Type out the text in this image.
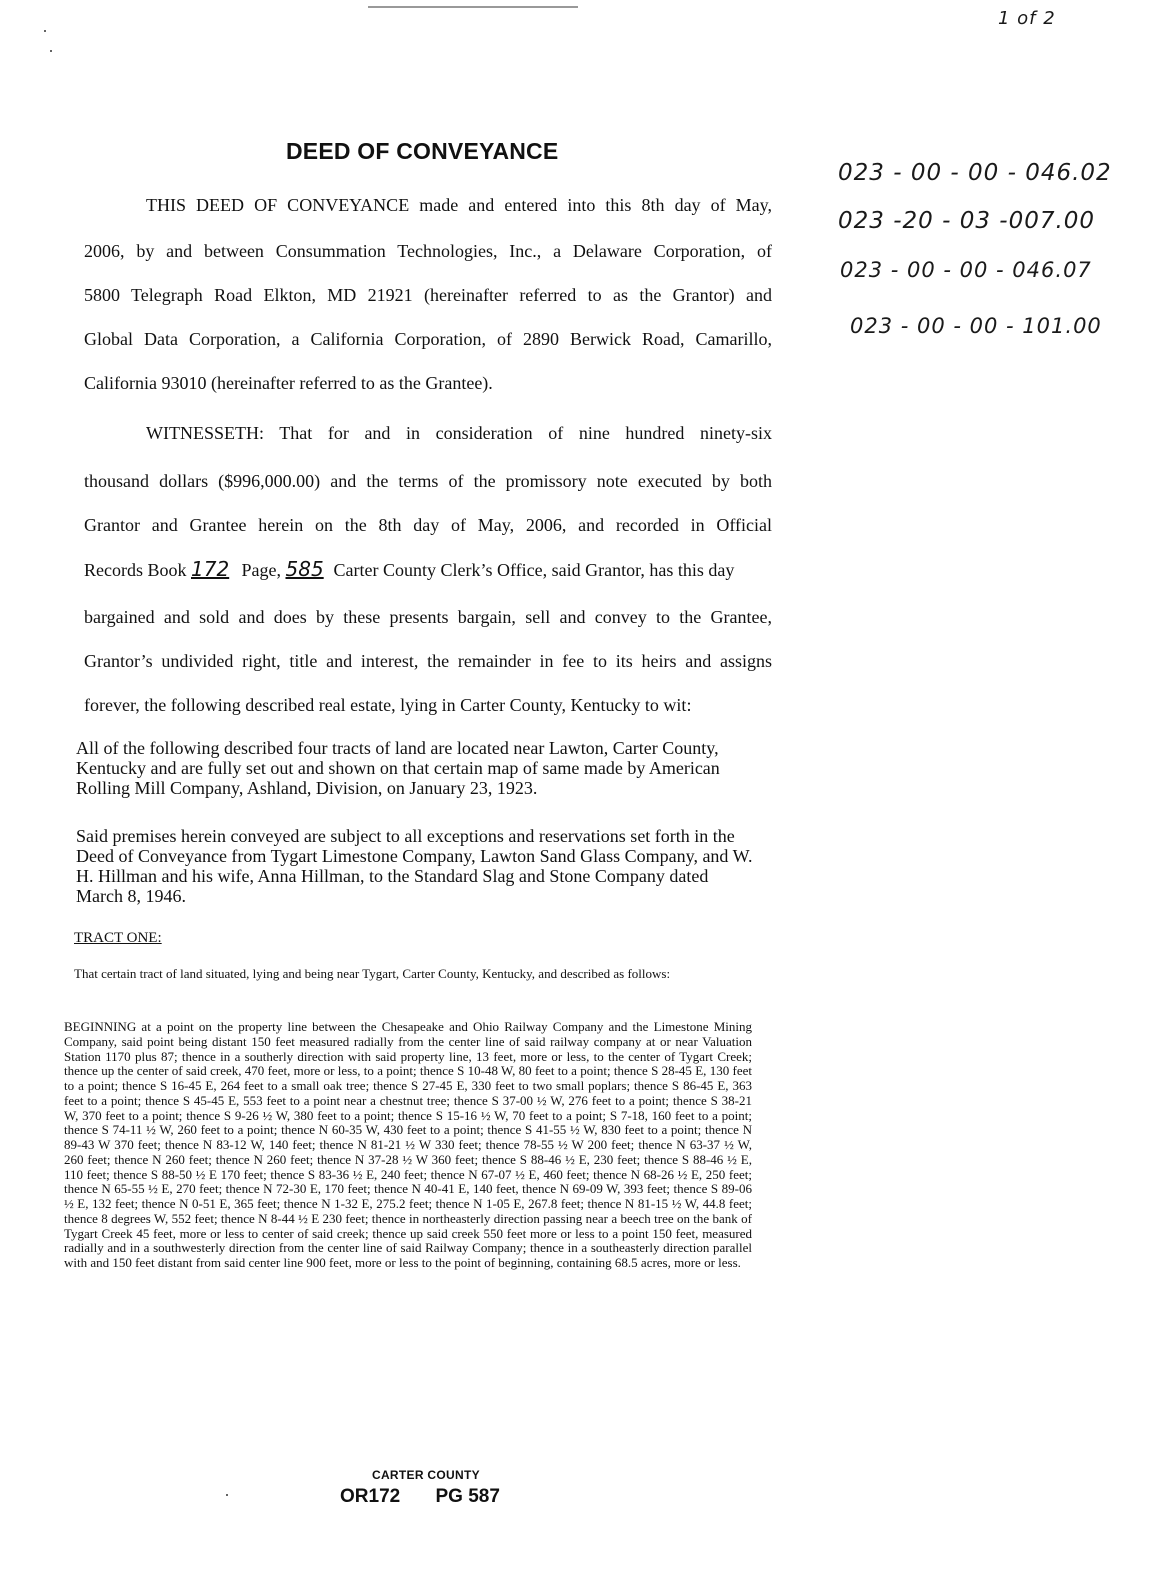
1 of 2
023 - 00 - 00 - 046.02
023 -20 - 03 -007.00
023 - 00 - 00 - 046.07
023 - 00 - 00 - 101.00
DEED OF CONVEYANCE
THIS DEED OF CONVEYANCE made and entered into this 8th day of May,
2006, by and between Consummation Technologies, Inc., a Delaware Corporation, of
5800 Telegraph Road Elkton, MD 21921 (hereinafter referred to as the Grantor) and
Global Data Corporation, a California Corporation, of 2890 Berwick Road, Camarillo,
California 93010 (hereinafter referred to as the Grantee).
WITNESSETH: That for and in consideration of nine hundred ninety-six
thousand dollars ($996,000.00) and the terms of the promissory note executed by both
Grantor and Grantee herein on the 8th day of May, 2006, and recorded in Official
Records Book 172 Page, 585 Carter County Clerk’s Office, said Grantor, has this day
bargained and sold and does by these presents bargain, sell and convey to the Grantee,
Grantor’s undivided right, title and interest, the remainder in fee to its heirs and assigns
forever, the following described real estate, lying in Carter County, Kentucky to wit:
All of the following described four tracts of land are located near Lawton, Carter County, Kentucky and are fully set out and shown on that certain map of same made by American Rolling Mill Company, Ashland, Division, on January 23, 1923.
Said premises herein conveyed are subject to all exceptions and reservations set forth in the Deed of Conveyance from Tygart Limestone Company, Lawton Sand Glass Company, and W. H. Hillman and his wife, Anna Hillman, to the Standard Slag and Stone Company dated March 8, 1946.
TRACT ONE:
That certain tract of land situated, lying and being near Tygart, Carter County, Kentucky, and described as follows:
BEGINNING at a point on the property line between the Chesapeake and Ohio Railway Company and the Limestone Mining Company, said point being distant 150 feet measured radially from the center line of said railway company at or near Valuation Station 1170 plus 87; thence in a southerly direction with said property line, 13 feet, more or less, to the center of Tygart Creek; thence up the center of said creek, 470 feet, more or less, to a point; thence S 10-48 W, 80 feet to a point; thence S 28-45 E, 130 feet to a point; thence S 16-45 E, 264 feet to a small oak tree; thence S 27-45 E, 330 feet to two small poplars; thence S 86-45 E, 363 feet to a point; thence S 45-45 E, 553 feet to a point near a chestnut tree; thence S 37-00 ½ W, 276 feet to a point; thence S 38-21 W, 370 feet to a point; thence S 9-26 ½ W, 380 feet to a point; thence S 15-16 ½ W, 70 feet to a point; S 7-18, 160 feet to a point; thence S 74-11 ½ W, 260 feet to a point; thence N 60-35 W, 430 feet to a point; thence S 41-55 ½ W, 830 feet to a point; thence N 89-43 W 370 feet; thence N 83-12 W, 140 feet; thence N 81-21 ½ W 330 feet; thence 78-55 ½ W 200 feet; thence N 63-37 ½ W, 260 feet; thence N 260 feet; thence N 260 feet; thence N 37-28 ½ W 360 feet; thence S 88-46 ½ E, 230 feet; thence S 88-46 ½ E, 110 feet; thence S 88-50 ½ E 170 feet; thence S 83-36 ½ E, 240 feet; thence N 67-07 ½ E, 460 feet; thence N 68-26 ½ E, 250 feet; thence N 65-55 ½ E, 270 feet; thence N 72-30 E, 170 feet; thence N 40-41 E, 140 feet, thence N 69-09 W, 393 feet; thence S 89-06 ½ E, 132 feet; thence N 0-51 E, 365 feet; thence N 1-32 E, 275.2 feet; thence N 1-05 E, 267.8 feet; thence N 81-15 ½ W, 44.8 feet; thence 8 degrees W, 552 feet; thence N 8-44 ½ E 230 feet; thence in northeasterly direction passing near a beech tree on the bank of Tygart Creek 45 feet, more or less to center of said creek; thence up said creek 550 feet more or less to a point 150 feet, measured radially and in a southwesterly direction from the center line of said Railway Company; thence in a southeasterly direction parallel with and 150 feet distant from said center line 900 feet, more or less to the point of beginning, containing 68.5 acres, more or less.
CARTER COUNTY
OR172 PG 587
